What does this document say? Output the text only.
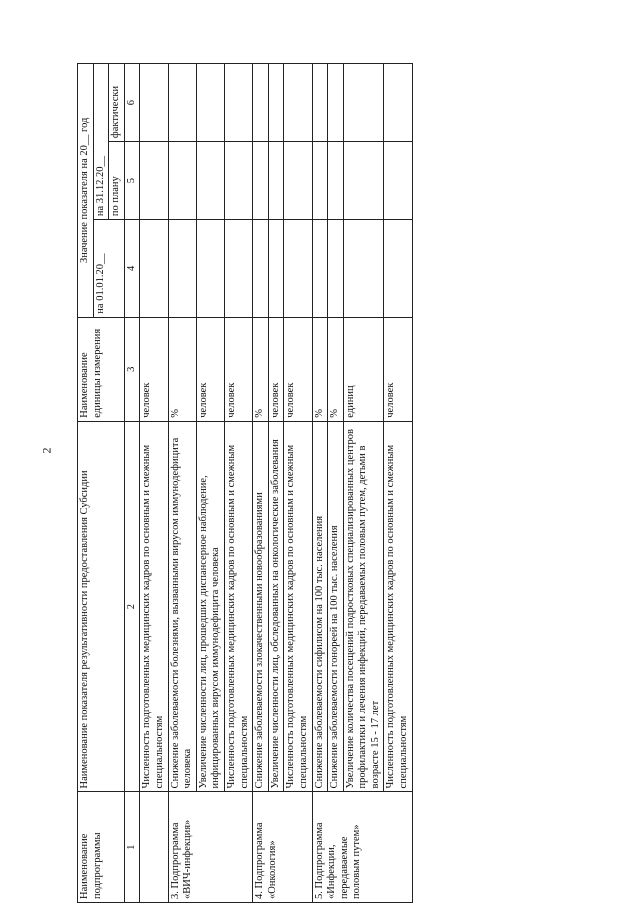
2
Наименование подпрограммы	Наименование показателя результативности предоставления Субсидии	Наименование единицы измерения	Значение показателя на 20__ год		
			на 01.01.20__	на 31.12.20__	
				по плану	фактически
1	2	3	4	5	6
	Численность подготовленных медицинских кадров по основным и смежным специальностям	человек			
3. Подпрограмма «ВИЧ-инфекция»	Снижение заболеваемости болезнями, вызванными вирусом иммунодефицита человека	%			
	Увеличение численности лиц, прошедших диспансерное наблюдение, инфицированных вирусом иммунодефицита человека	человек			
	Численность подготовленных медицинских кадров по основным и смежным специальностям	человек			
4. Подпрограмма «Онкология»	Снижение заболеваемости злокачественными новообразованиями	%			
	Увеличение численности лиц, обследованных на онкологические заболевания	человек			
	Численность подготовленных медицинских кадров по основным и смежным специальностям	человек			
5. Подпрограмма «Инфекции, передаваемые половым путем»	Снижение заболеваемости сифилисом на 100 тыс. населения	%			
	Снижение заболеваемости гонореей на 100 тыс. населения	%			
	Увеличение количества посещений подростковых специализированных центров профилактики и лечения инфекций, передаваемых половым путем, детьми в возрасте 15 - 17 лет	единиц			
	Численность подготовленных медицинских кадров по основным и смежным специальностям	человек			
